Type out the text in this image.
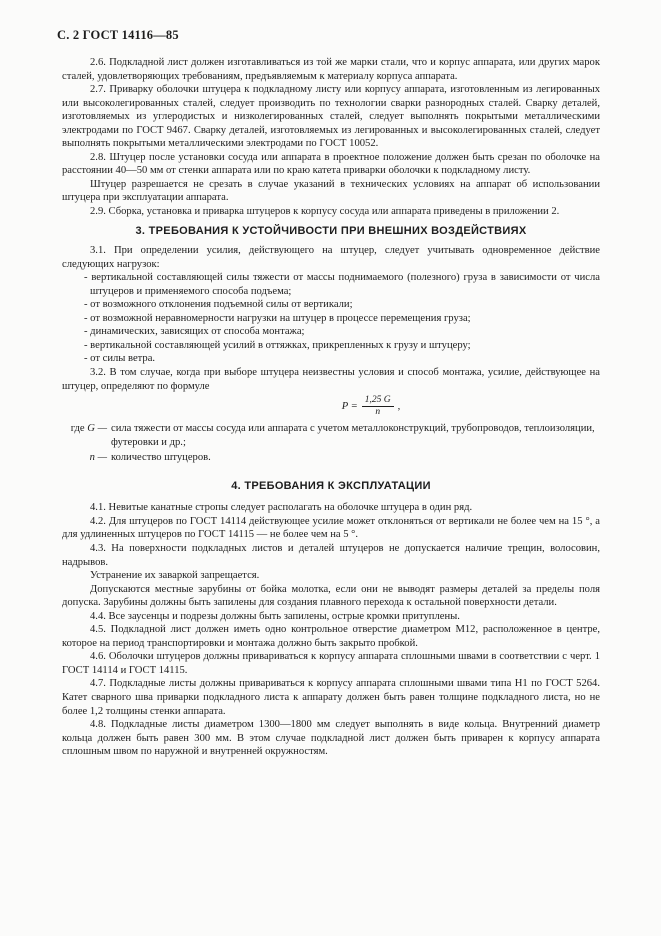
С. 2 ГОСТ 14116—85

2.6. Подкладной лист должен изготавливаться из той же марки стали, что и корпус аппарата, или других марок сталей, удовлетворяющих требованиям, предъявляемым к материалу корпуса аппарата.

2.7. Приварку оболочки штуцера к подкладному листу или корпусу аппарата, изготовленным из легированных или высоколегированных сталей, следует производить по технологии сварки разнородных сталей. Сварку деталей, изготовляемых из углеродистых и низколегированных сталей, следует выполнять покрытыми металлическими электродами по ГОСТ 9467. Сварку деталей, изготовляемых из легированных и высоколегированных сталей, следует выполнять покрытыми металлическими электродами по ГОСТ 10052.

2.8. Штуцер после установки сосуда или аппарата в проектное положение должен быть срезан по оболочке на расстоянии 40—50 мм от стенки аппарата или по краю катета приварки оболочки к подкладному листу.

Штуцер разрешается не срезать в случае указаний в технических условиях на аппарат об использовании штуцера при эксплуатации аппарата.

2.9. Сборка, установка и приварка штуцеров к корпусу сосуда или аппарата приведены в приложении 2.

3. ТРЕБОВАНИЯ К УСТОЙЧИВОСТИ ПРИ ВНЕШНИХ ВОЗДЕЙСТВИЯХ

3.1. При определении усилия, действующего на штуцер, следует учитывать одновременное действие следующих нагрузок:

- вертикальной составляющей силы тяжести от массы поднимаемого (полезного) груза в зависимости от числа штуцеров и применяемого способа подъема;

- от возможного отклонения подъемной силы от вертикали;

- от возможной неравномерности нагрузки на штуцер в процессе перемещения груза;

- динамических, зависящих от способа монтажа;

- вертикальной составляющей усилий в оттяжках, прикрепленных к грузу и штуцеру;

- от силы ветра.

3.2. В том случае, когда при выборе штуцера неизвестны условия и способ монтажа, усилие, действующее на штуцер, определяют по формуле

$P = \frac{1,25 G}{n}$ ,
где G — сила тяжести от массы сосуда или аппарата с учетом металлоконструкций, трубопроводов, теплоизоляции, футеровки и др.;
n — количество штуцеров.
4. ТРЕБОВАНИЯ К ЭКСПЛУАТАЦИИ

4.1. Невитые канатные стропы следует располагать на оболочке штуцера в один ряд.

4.2. Для штуцеров по ГОСТ 14114 действующее усилие может отклоняться от вертикали не более чем на 15 °, а для удлиненных штуцеров по ГОСТ 14115 — не более чем на 5 °.

4.3. На поверхности подкладных листов и деталей штуцеров не допускается наличие трещин, волосовин, надрывов.

Устранение их заваркой запрещается.

Допускаются местные зарубины от бойка молотка, если они не выводят размеры деталей за пределы поля допуска. Зарубины должны быть запилены для создания плавного перехода к остальной поверхности детали.

4.4. Все заусенцы и подрезы должны быть запилены, острые кромки притуплены.

4.5. Подкладной лист должен иметь одно контрольное отверстие диаметром М12, расположенное в центре, которое на период транспортировки и монтажа должно быть закрыто пробкой.

4.6. Оболочки штуцеров должны привариваться к корпусу аппарата сплошными швами в соответствии с черт. 1 ГОСТ 14114 и ГОСТ 14115.

4.7. Подкладные листы должны привариваться к корпусу аппарата сплошными швами типа Н1 по ГОСТ 5264. Катет сварного шва приварки подкладного листа к аппарату должен быть равен толщине подкладного листа, но не более 1,2 толщины стенки аппарата.

4.8. Подкладные листы диаметром 1300—1800 мм следует выполнять в виде кольца. Внутренний диаметр кольца должен быть равен 300 мм. В этом случае подкладной лист должен быть приварен к корпусу аппарата сплошным швом по наружной и внутренней окружностям.
